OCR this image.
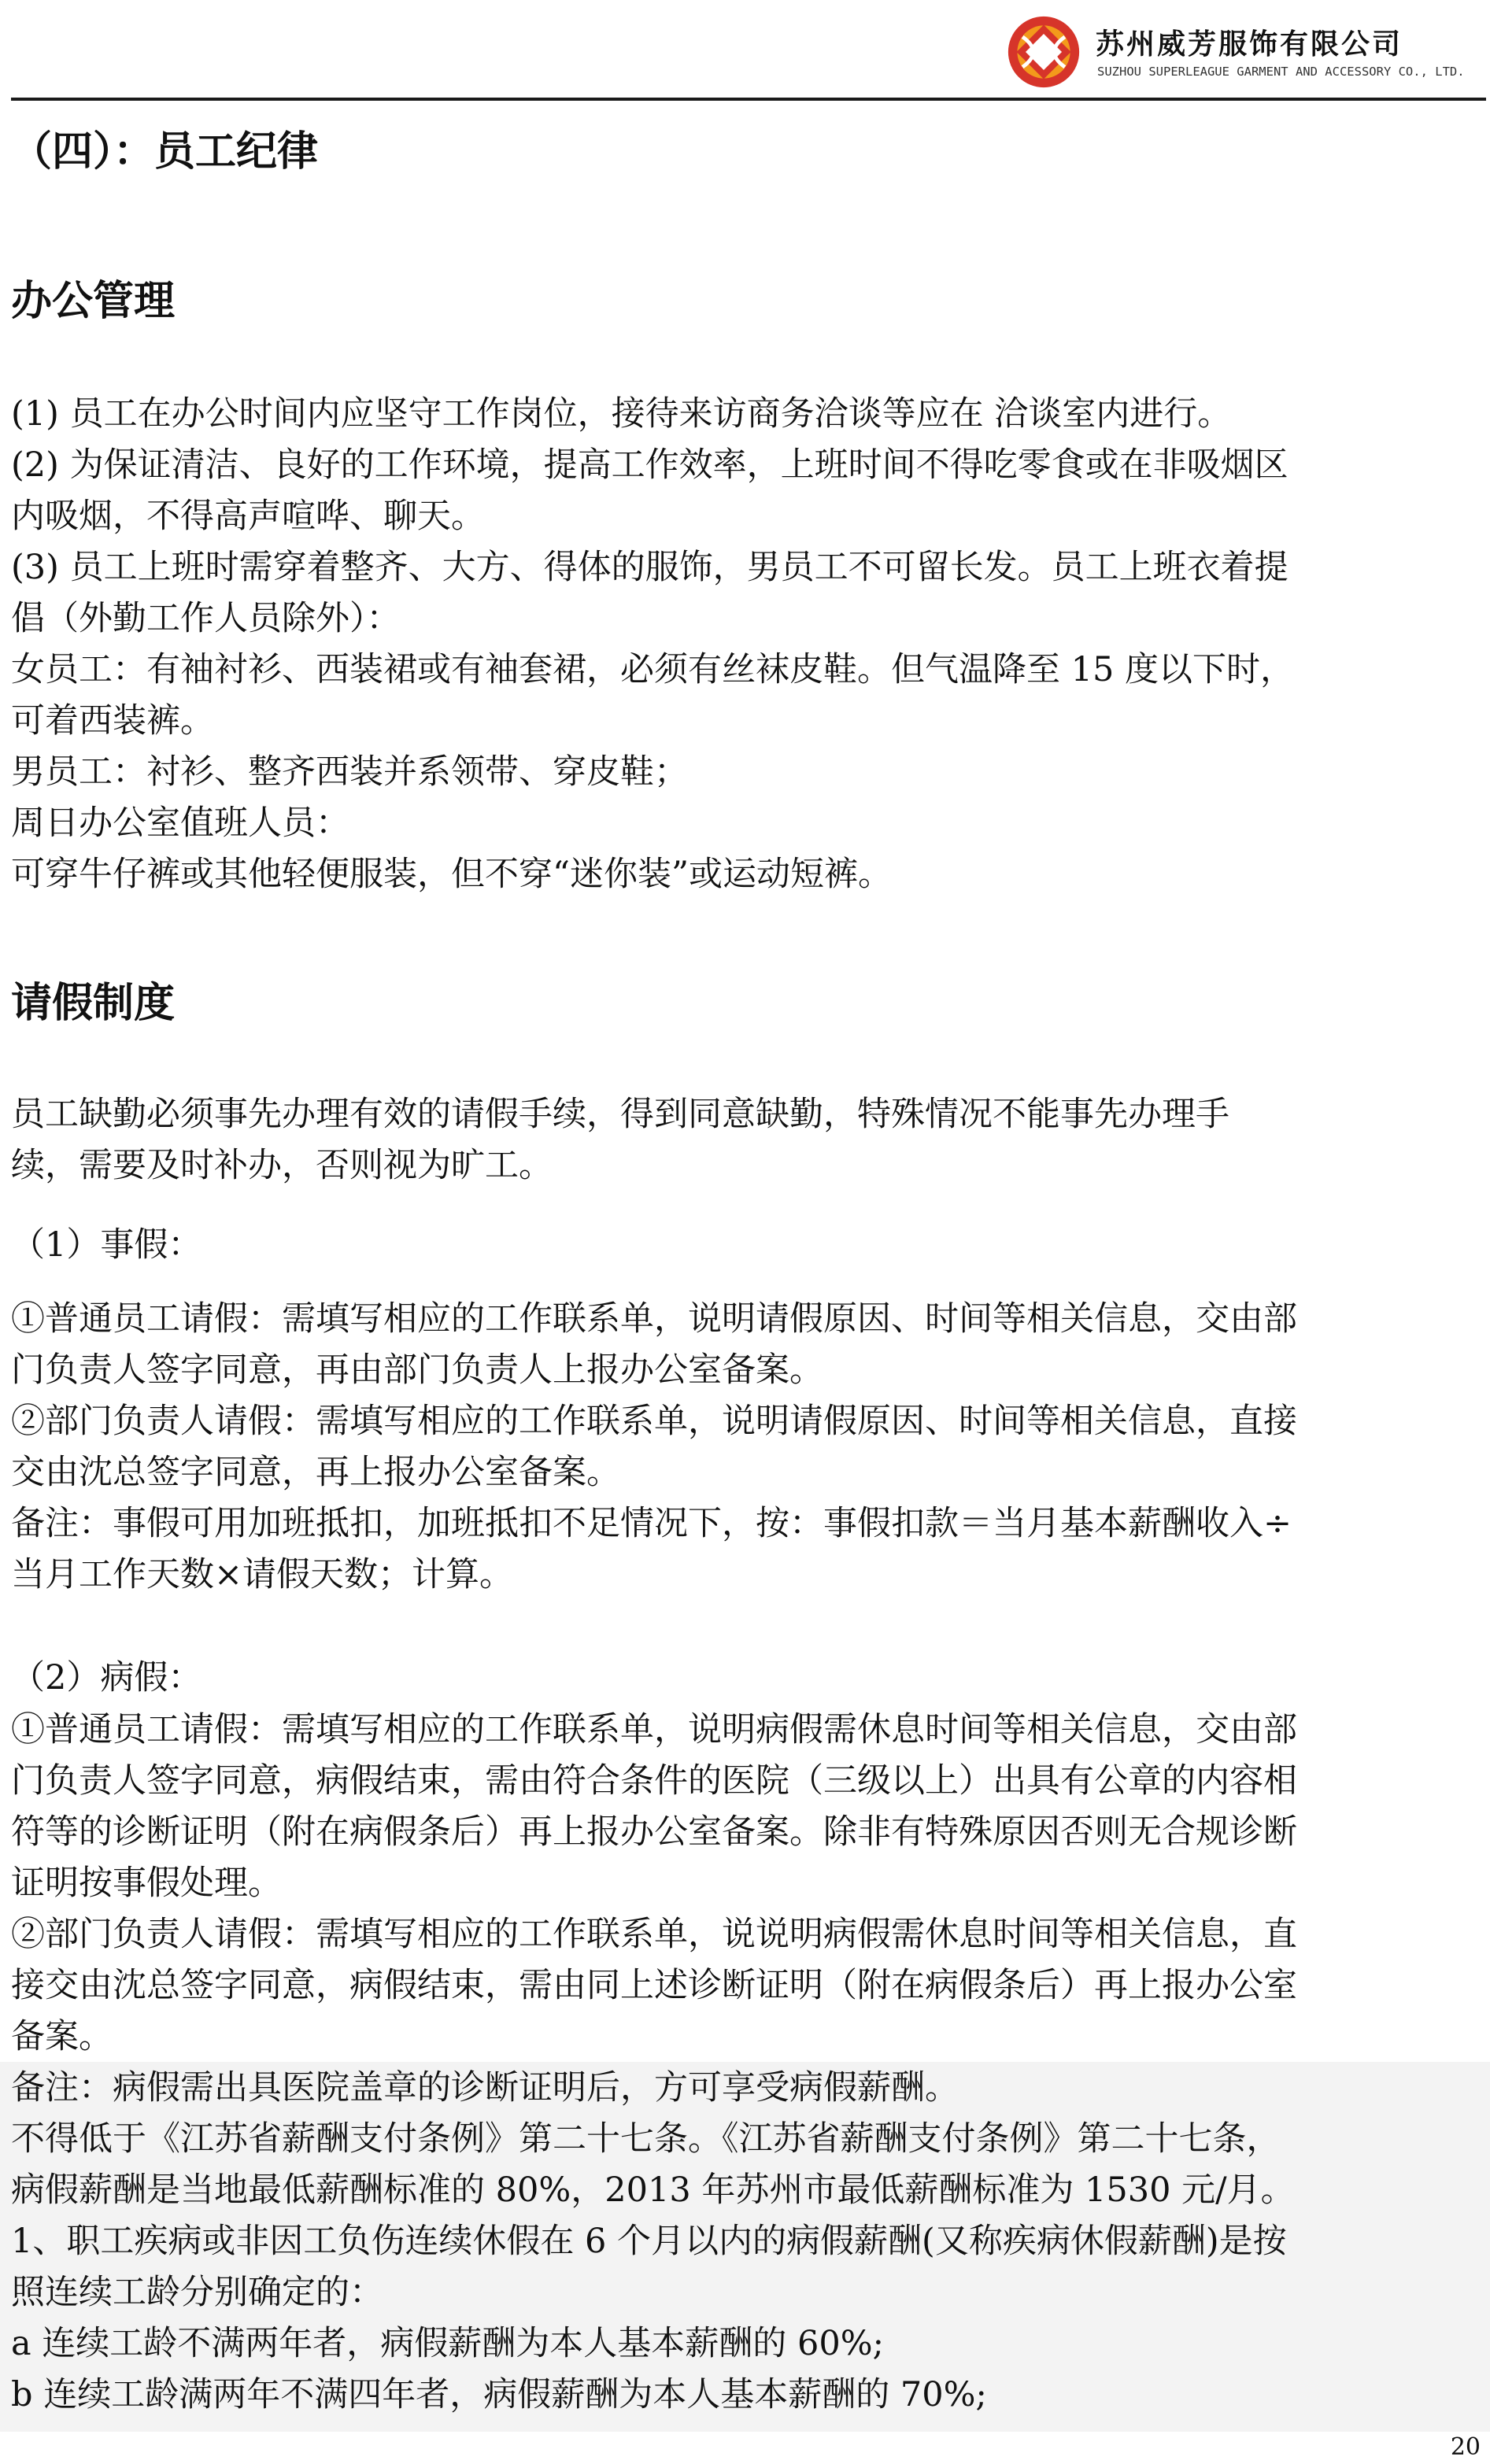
苏州威芳服饰有限公司
SUZHOU SUPERLEAGUE GARMENT AND ACCESSORY CO., LTD.
（四）：员工纪律
办公管理
(1) 员工在办公时间内应坚守工作岗位，接待来访商务洽谈等应在 洽谈室内进行。
(2) 为保证清洁、良好的工作环境，提高工作效率，上班时间不得吃零食或在非吸烟区
内吸烟，不得高声喧哗、聊天。
(3) 员工上班时需穿着整齐、大方、得体的服饰，男员工不可留长发。员工上班衣着提
倡（外勤工作人员除外）：
女员工：有袖衬衫、西装裙或有袖套裙，必须有丝袜皮鞋。但气温降至 15 度以下时，
可着西装裤。
男员工：衬衫、整齐西装并系领带、穿皮鞋；
周日办公室值班人员：
可穿牛仔裤或其他轻便服装，但不穿“迷你装”或运动短裤。
请假制度
员工缺勤必须事先办理有效的请假手续，得到同意缺勤，特殊情况不能事先办理手
续，需要及时补办，否则视为旷工。
（1）事假：
①普通员工请假：需填写相应的工作联系单，说明请假原因、时间等相关信息，交由部
门负责人签字同意，再由部门负责人上报办公室备案。
②部门负责人请假：需填写相应的工作联系单，说明请假原因、时间等相关信息，直接
交由沈总签字同意，再上报办公室备案。
备注：事假可用加班抵扣，加班抵扣不足情况下，按：事假扣款＝当月基本薪酬收入÷
当月工作天数×请假天数；计算。
（2）病假：
①普通员工请假：需填写相应的工作联系单，说明病假需休息时间等相关信息，交由部
门负责人签字同意，病假结束，需由符合条件的医院（三级以上）出具有公章的内容相
符等的诊断证明（附在病假条后）再上报办公室备案。除非有特殊原因否则无合规诊断
证明按事假处理。
②部门负责人请假：需填写相应的工作联系单，说说明病假需休息时间等相关信息，直
接交由沈总签字同意，病假结束，需由同上述诊断证明（附在病假条后）再上报办公室
备案。
备注：病假需出具医院盖章的诊断证明后，方可享受病假薪酬。
不得低于《江苏省薪酬支付条例》第二十七条。《江苏省薪酬支付条例》第二十七条，
病假薪酬是当地最低薪酬标准的 80%，2013 年苏州市最低薪酬标准为 1530 元/月。
1、职工疾病或非因工负伤连续休假在 6 个月以内的病假薪酬(又称疾病休假薪酬)是按
照连续工龄分别确定的：
a 连续工龄不满两年者，病假薪酬为本人基本薪酬的 60%;
b 连续工龄满两年不满四年者，病假薪酬为本人基本薪酬的 70%;
20
